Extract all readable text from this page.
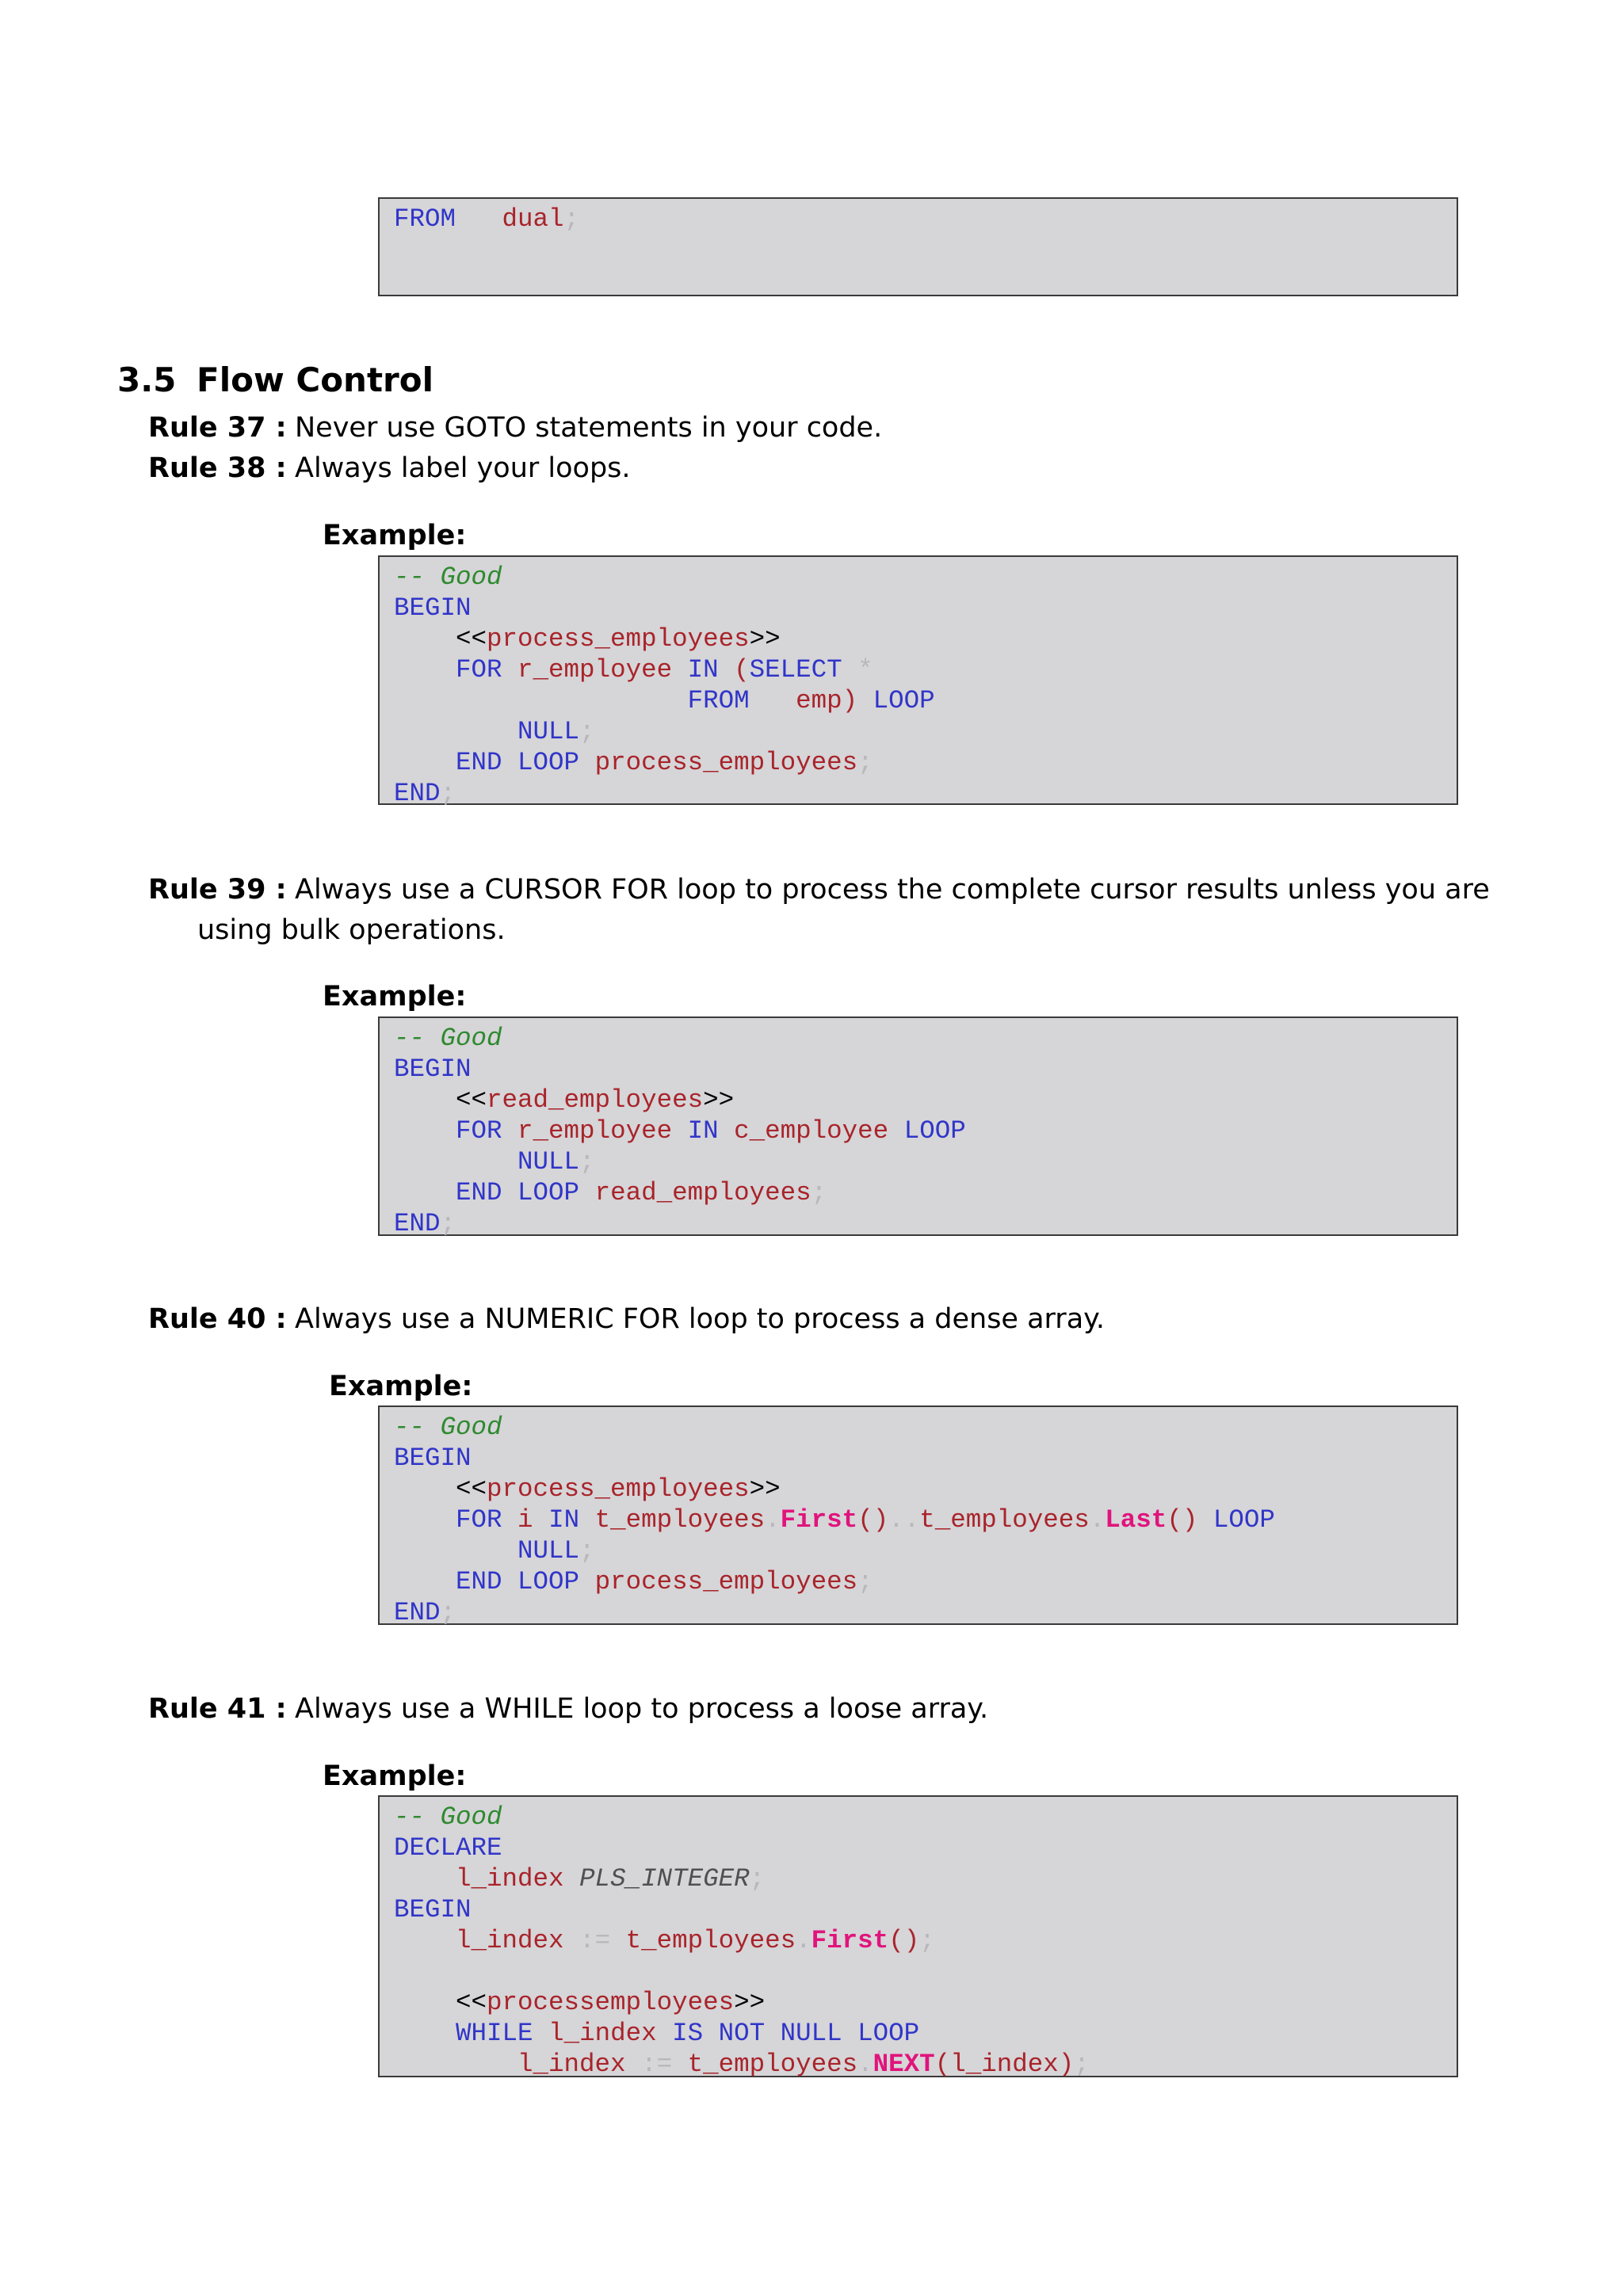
FROM dual;
3.5 Flow Control
Rule 37 : Never use GOTO statements in your code.
Rule 38 : Always label your loops.
Example:
-- Good
BEGIN
<<process_employees>>
FOR r_employee IN (SELECT *
FROM emp) LOOP
NULL;
END LOOP process_employees;
END;
Rule 39 : Always use a CURSOR FOR loop to process the complete cursor results unless you are
using bulk operations.
Example:
-- Good
BEGIN
<<read_employees>>
FOR r_employee IN c_employee LOOP
NULL;
END LOOP read_employees;
END;
Rule 40 : Always use a NUMERIC FOR loop to process a dense array.
Example:
-- Good
BEGIN
<<process_employees>>
FOR i IN t_employees.First()..t_employees.Last() LOOP
NULL;
END LOOP process_employees;
END;
Rule 41 : Always use a WHILE loop to process a loose array.
Example:
-- Good
DECLARE
l_index PLS_INTEGER;
BEGIN
l_index := t_employees.First();
<<processemployees>>
WHILE l_index IS NOT NULL LOOP
l_index := t_employees.NEXT(l_index);
